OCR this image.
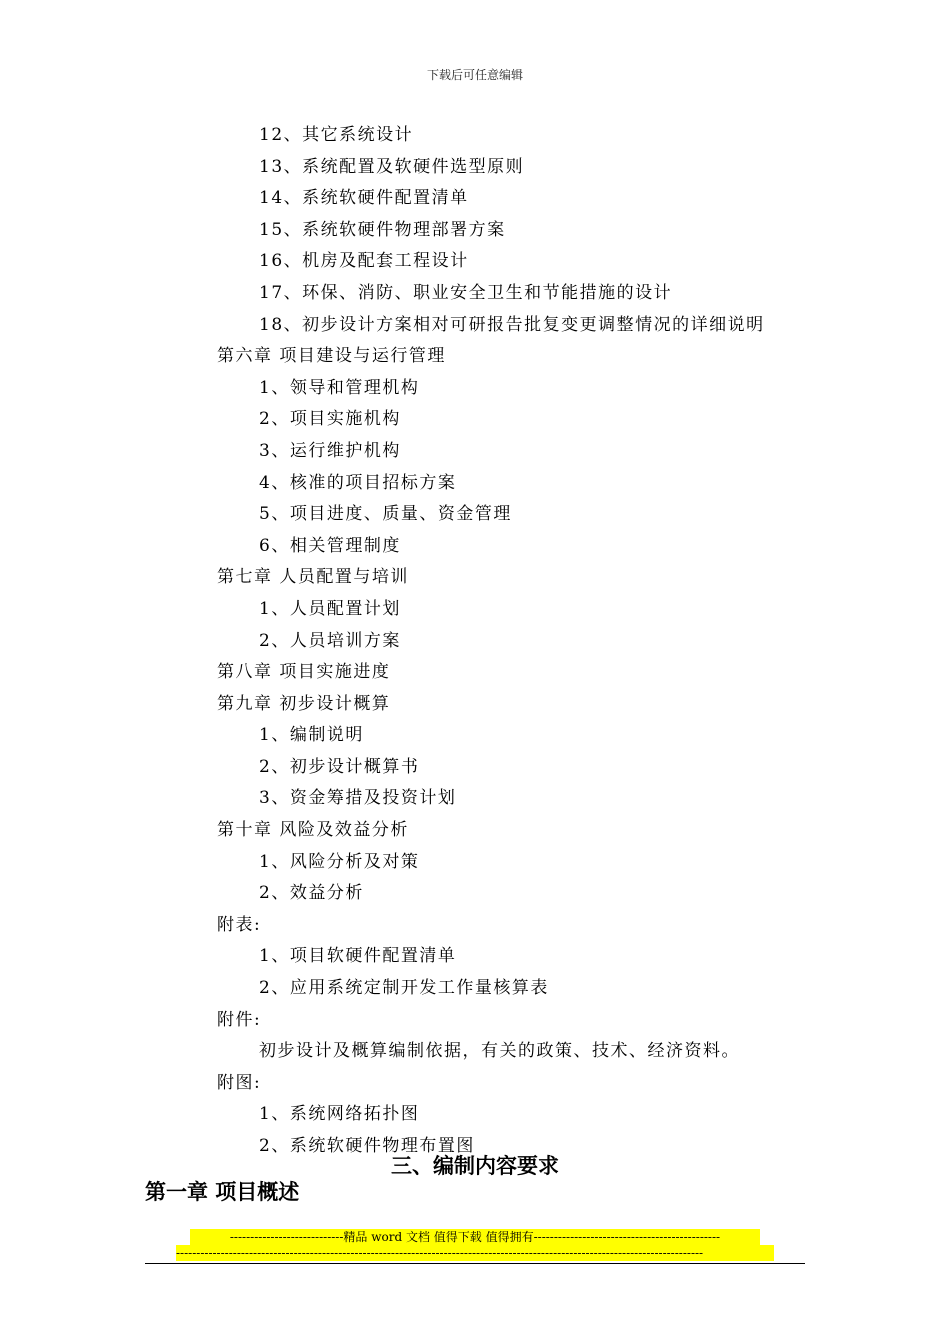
下载后可任意编辑
12、其它系统设计
13、系统配置及软硬件选型原则
14、系统软硬件配置清单
15、系统软硬件物理部署方案
16、机房及配套工程设计
17、环保、消防、职业安全卫生和节能措施的设计
18、初步设计方案相对可研报告批复变更调整情况的详细说明
第六章 项目建设与运行管理
1、领导和管理机构
2、项目实施机构
3、运行维护机构
4、核准的项目招标方案
5、项目进度、质量、资金管理
6、相关管理制度
第七章 人员配置与培训
1、人员配置计划
2、人员培训方案
第八章 项目实施进度
第九章 初步设计概算
1、编制说明
2、初步设计概算书
3、资金筹措及投资计划
第十章 风险及效益分析
1、风险分析及对策
2、效益分析
附表:
1、项目软硬件配置清单
2、应用系统定制开发工作量核算表
附件:
初步设计及概算编制依据，有关的政策、技术、经济资料。
附图:
1、系统网络拓扑图
2、系统软硬件物理布置图
三、编制内容要求
第一章 项目概述
----------------------------精品 word 文档 值得下载 值得拥有----------------------------------------------
----------------------------------------------------------------------------------------------------------------------------------
